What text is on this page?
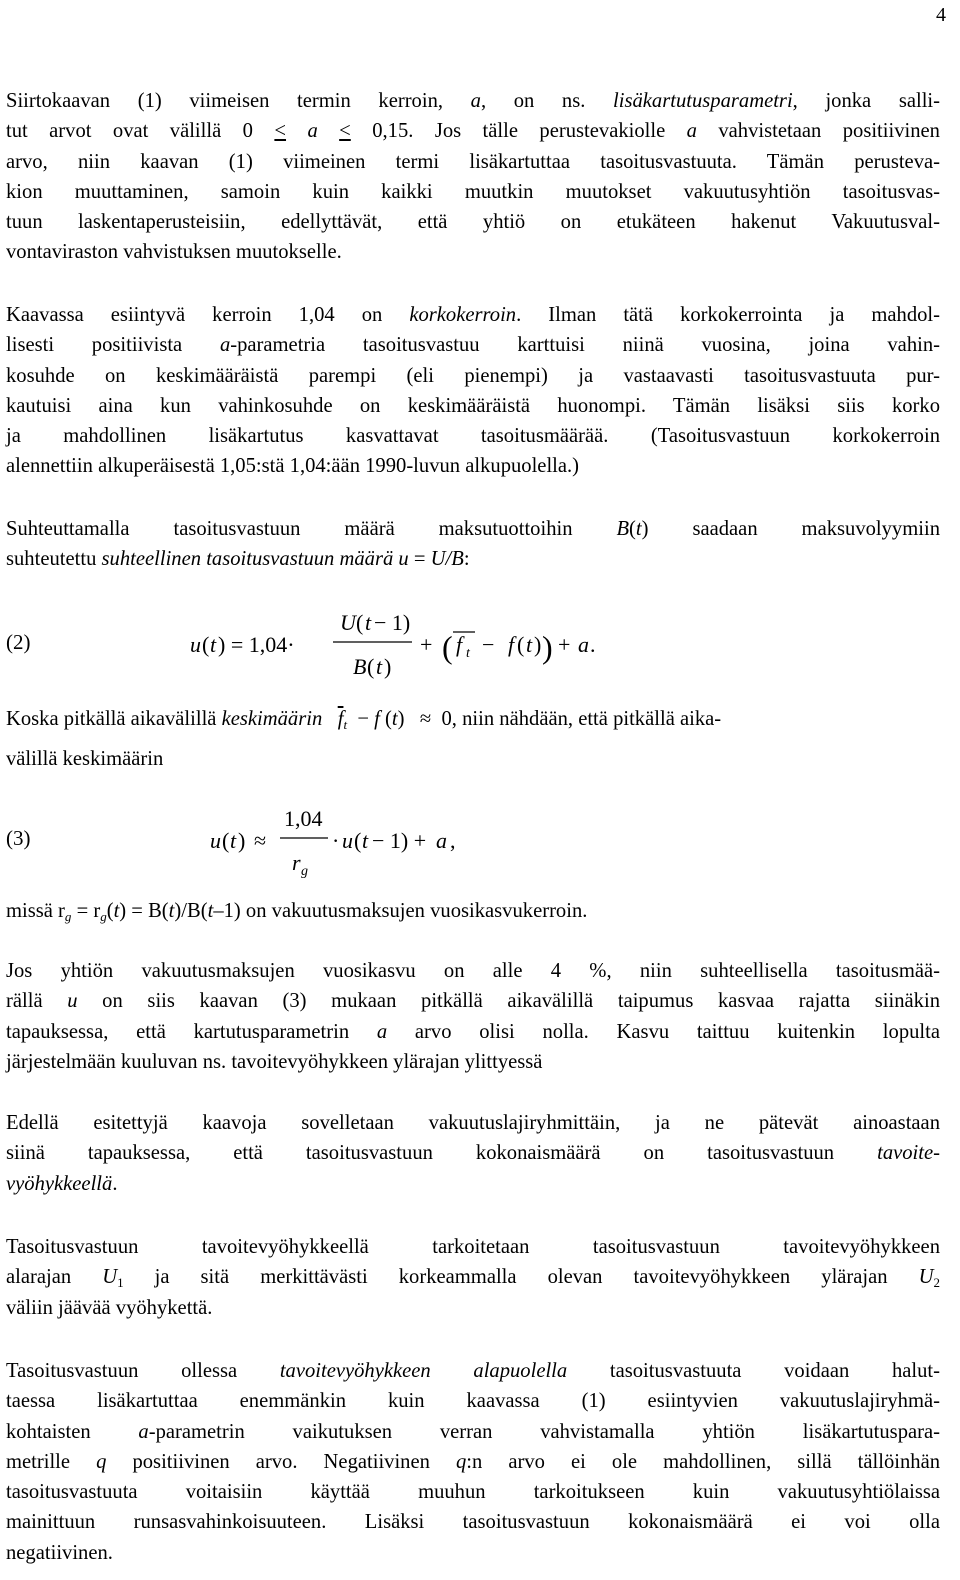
4
Siirtokaavan (1) viimeisen termin kerroin, a, on ns. lisäkartutusparametri, jonka salli-
tut arvot ovat välillä 0 < a < 0,15. Jos tälle perustevakiolle a vahvistetaan positiivinen
arvo, niin kaavan (1) viimeinen termi lisäkartuttaa tasoitusvastuuta. Tämän perusteva-
kion muuttaminen, samoin kuin kaikki muutkin muutokset vakuutusyhtiön tasoitusvas-
tuun laskentaperusteisiin, edellyttävät, että yhtiö on etukäteen hakenut Vakuutusval-
vontaviraston vahvistuksen muutokselle.
Kaavassa esiintyvä kerroin 1,04 on korkokerroin. Ilman tätä korkokerrointa ja mahdol-
lisesti positiivista a-parametria tasoitusvastuu karttuisi niinä vuosina, joina vahin-
kosuhde on keskimääräistä parempi (eli pienempi) ja vastaavasti tasoitusvastuuta pur-
kautuisi aina kun vahinkosuhde on keskimääräistä huonompi. Tämän lisäksi siis korko
ja mahdollinen lisäkartutus kasvattavat tasoitusmäärää. (Tasoitusvastuun korkokerroin
alennettiin alkuperäisestä 1,05:stä 1,04:ään 1990-luvun alkupuolella.)
Suhteuttamalla tasoitusvastuun määrä maksutuottoihin B(t) saadaan maksuvolyymiin
suhteutettu suhteellinen tasoitusvastuun määrä u = U/B:
(2)	u ( t ) = 1,04·
U ( t − 1)
B ( t )
+ ( f t − f ( t ) ) + a .
Koska pitkällä aikavälillä keskimäärin $\overline{f}_t - f$ (t)   ≈  0, niin nähdään, että pitkällä aika-
välillä keskimäärin
(3)	u ( t ) ≈
1,04
r g
· u ( t − 1) + a ,
missä $r_g = r_g(t) = B(t)/B(t-1)$ on vakuutusmaksujen vuosikasvukerroin.
Jos yhtiön vakuutusmaksujen vuosikasvu on alle 4 %, niin suhteellisella tasoitusmää-
rällä u on siis kaavan (3) mukaan pitkällä aikavälillä taipumus kasvaa rajatta siinäkin
tapauksessa, että kartutusparametrin a arvo olisi nolla. Kasvu taittuu kuitenkin lopulta
järjestelmään kuuluvan ns. tavoitevyöhykkeen ylärajan ylittyessä
Edellä esitettyjä kaavoja sovelletaan vakuutuslajiryhmittäin, ja ne pätevät ainoastaan
siinä tapauksessa, että tasoitusvastuun kokonaismäärä on tasoitusvastuun tavoite-
vyöhykkeellä.
Tasoitusvastuun tavoitevyöhykkeellä tarkoitetaan tasoitusvastuun tavoitevyöhykkeen
alarajan $U_1$ ja sitä merkittävästi korkeammalla olevan tavoitevyöhykkeen ylärajan $U_2$
väliin jäävää vyöhykettä.
Tasoitusvastuun ollessa tavoitevyöhykkeen alapuolella tasoitusvastuuta voidaan halut-
taessa lisäkartuttaa enemmänkin kuin kaavassa (1) esiintyvien vakuutuslajiryhmä-
kohtaisten a-parametrin vaikutuksen verran vahvistamalla yhtiön lisäkartutuspara-
metrille q positiivinen arvo. Negatiivinen q:n arvo ei ole mahdollinen, sillä tällöinhän
tasoitusvastuuta voitaisiin käyttää muuhun tarkoitukseen kuin vakuutusyhtiölaissa
mainittuun runsasvahinkoisuuteen. Lisäksi tasoitusvastuun kokonaismäärä ei voi olla
negatiivinen.
